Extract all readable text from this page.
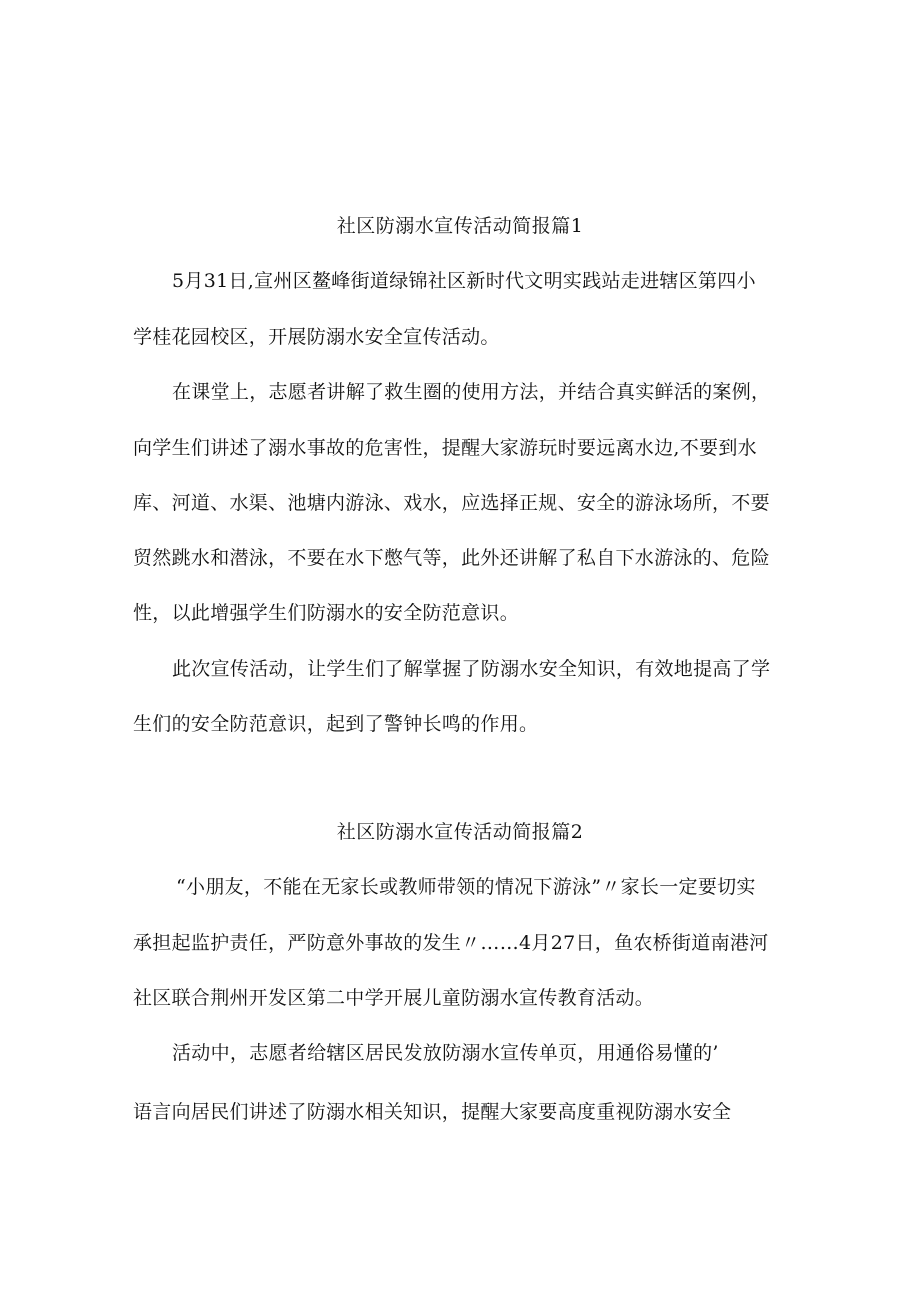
社区防溺水宣传活动简报篇1
5月31日,宣州区鳌峰街道绿锦社区新时代文明实践站走进辖区第四小
学桂花园校区，开展防溺水安全宣传活动。
在课堂上，志愿者讲解了救生圈的使用方法，并结合真实鲜活的案例，
向学生们讲述了溺水事故的危害性，提醒大家游玩时要远离水边,不要到水
库、河道、水渠、池塘内游泳、戏水，应选择正规、安全的游泳场所，不要
贸然跳水和潜泳，不要在水下憋气等，此外还讲解了私自下水游泳的、危险
性，以此增强学生们防溺水的安全防范意识。
此次宣传活动，让学生们了解掌握了防溺水安全知识，有效地提高了学
生们的安全防范意识，起到了警钟长鸣的作用。
社区防溺水宣传活动简报篇2
“小朋友，不能在无家长或教师带领的情况下游泳”〃家长一定要切实
承担起监护责任，严防意外事故的发生〃……4月27日，鱼农桥街道南港河
社区联合荆州开发区第二中学开展儿童防溺水宣传教育活动。
活动中，志愿者给辖区居民发放防溺水宣传单页，用通俗易懂的’
语言向居民们讲述了防溺水相关知识，提醒大家要高度重视防溺水安全
